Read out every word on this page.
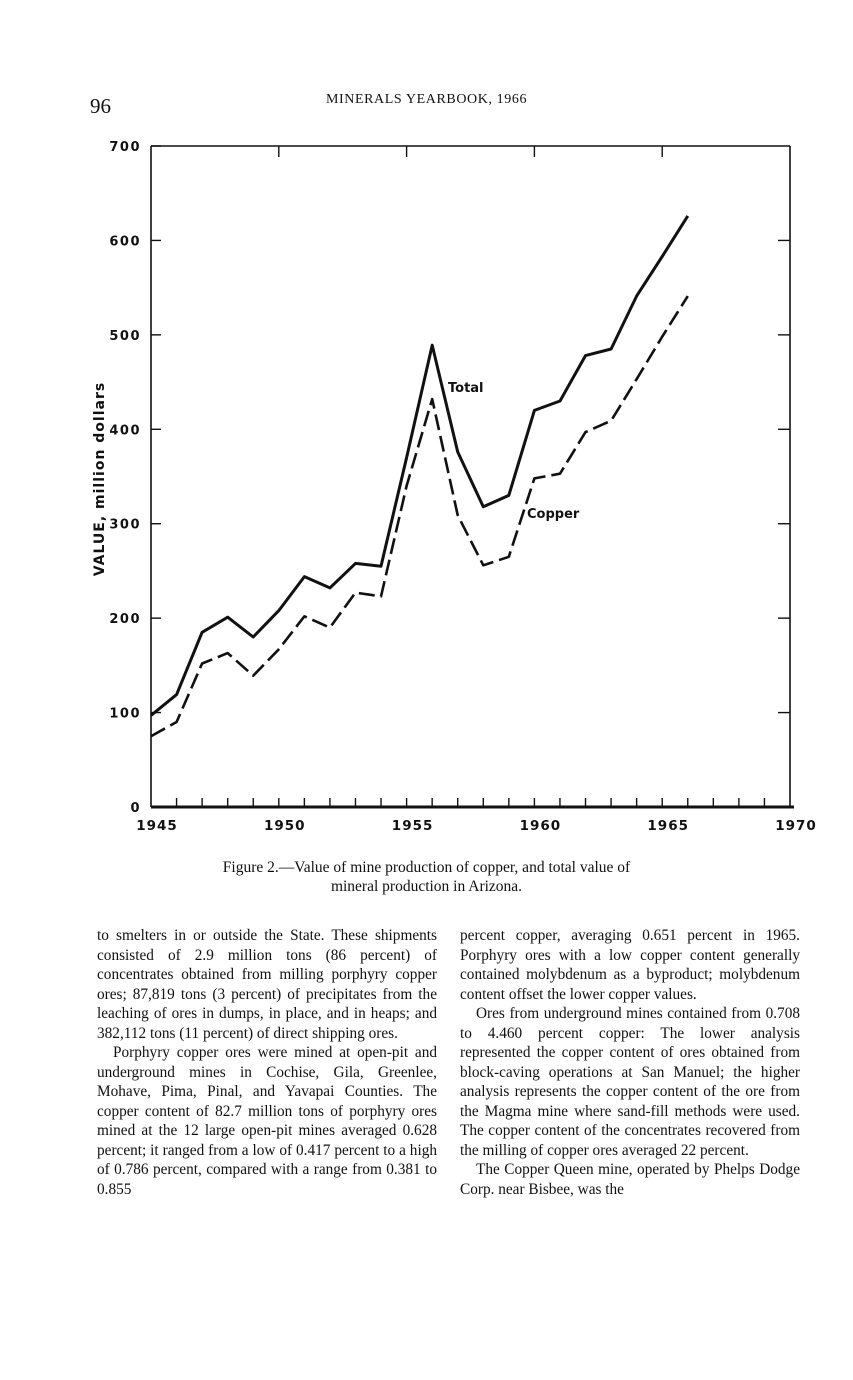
96	MINERALS YEARBOOK, 1966
0
100
200
300
400
500
600
700
1945	1950	1955	1960	1965	1970
VALUE, million dollars	Total
Copper
Figure 2.—Value of mine production of copper, and total value of
mineral production in Arizona.

to smelters in or outside the State. These shipments consisted of 2.9 million tons (86 percent) of concentrates obtained from milling porphyry copper ores; 87,819 tons (3 percent) of precipitates from the leaching of ores in dumps, in place, and in heaps; and 382,112 tons (11 percent) of direct shipping ores.

Porphyry copper ores were mined at open-pit and underground mines in Cochise, Gila, Greenlee, Mohave, Pima, Pinal, and Yavapai Counties. The copper content of 82.7 million tons of porphyry ores mined at the 12 large open-pit mines averaged 0.628 percent; it ranged from a low of 0.417 percent to a high of 0.786 percent, compared with a range from 0.381 to 0.855

percent copper, averaging 0.651 percent in 1965. Porphyry ores with a low copper content generally contained molybdenum as a byproduct; molybdenum content offset the lower copper values.

Ores from underground mines contained from 0.708 to 4.460 percent copper: The lower analysis represented the copper content of ores obtained from block-caving operations at San Manuel; the higher analysis represents the copper content of the ore from the Magma mine where sand-fill methods were used. The copper content of the concentrates recovered from the milling of copper ores averaged 22 percent.

The Copper Queen mine, operated by Phelps Dodge Corp. near Bisbee, was the
